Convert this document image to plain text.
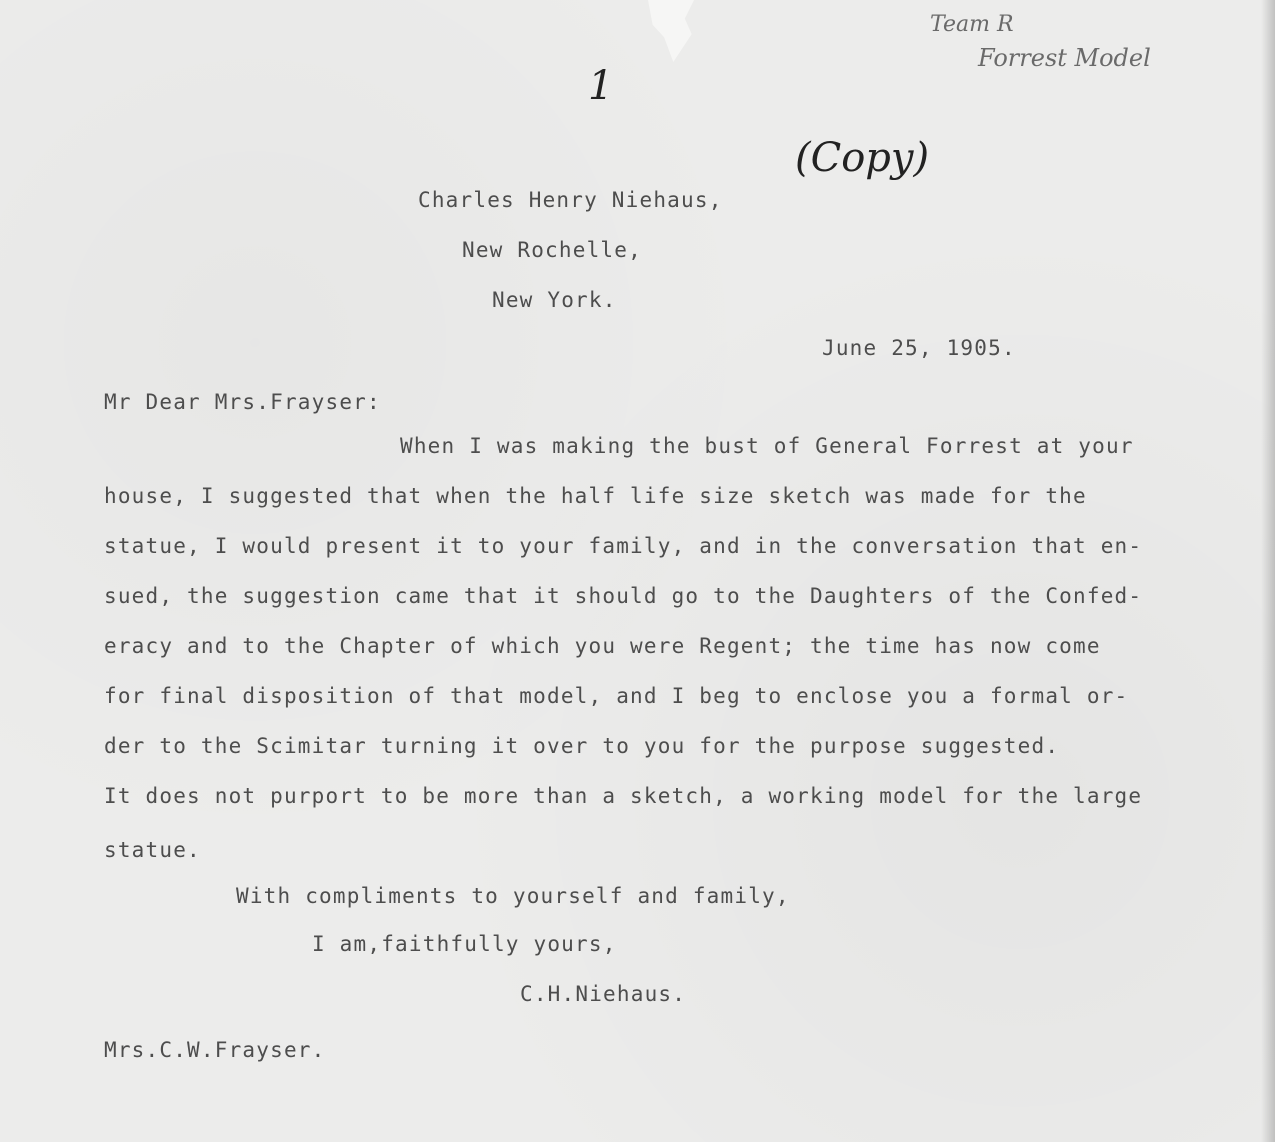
Team R

Forrest Model

1

(Copy)

Charles Henry Niehaus,

New Rochelle,

New York.

June 25, 1905.

Mr Dear Mrs.Frayser:

When I was making the bust of General Forrest at your

house, I suggested that when the half life size sketch was made for the

statue, I would present it to your family, and in the conversation that en-

sued, the suggestion came that it should go to the Daughters of the Confed-

eracy and to the Chapter of which you were Regent; the time has now come

for final disposition of that model, and I beg to enclose you a formal or-

der to the Scimitar turning it over to you for the purpose suggested.

It does not purport to be more than a sketch, a working model for the large

statue.

With compliments to yourself and family,

I am,faithfully yours,

C.H.Niehaus.

Mrs.C.W.Frayser.
